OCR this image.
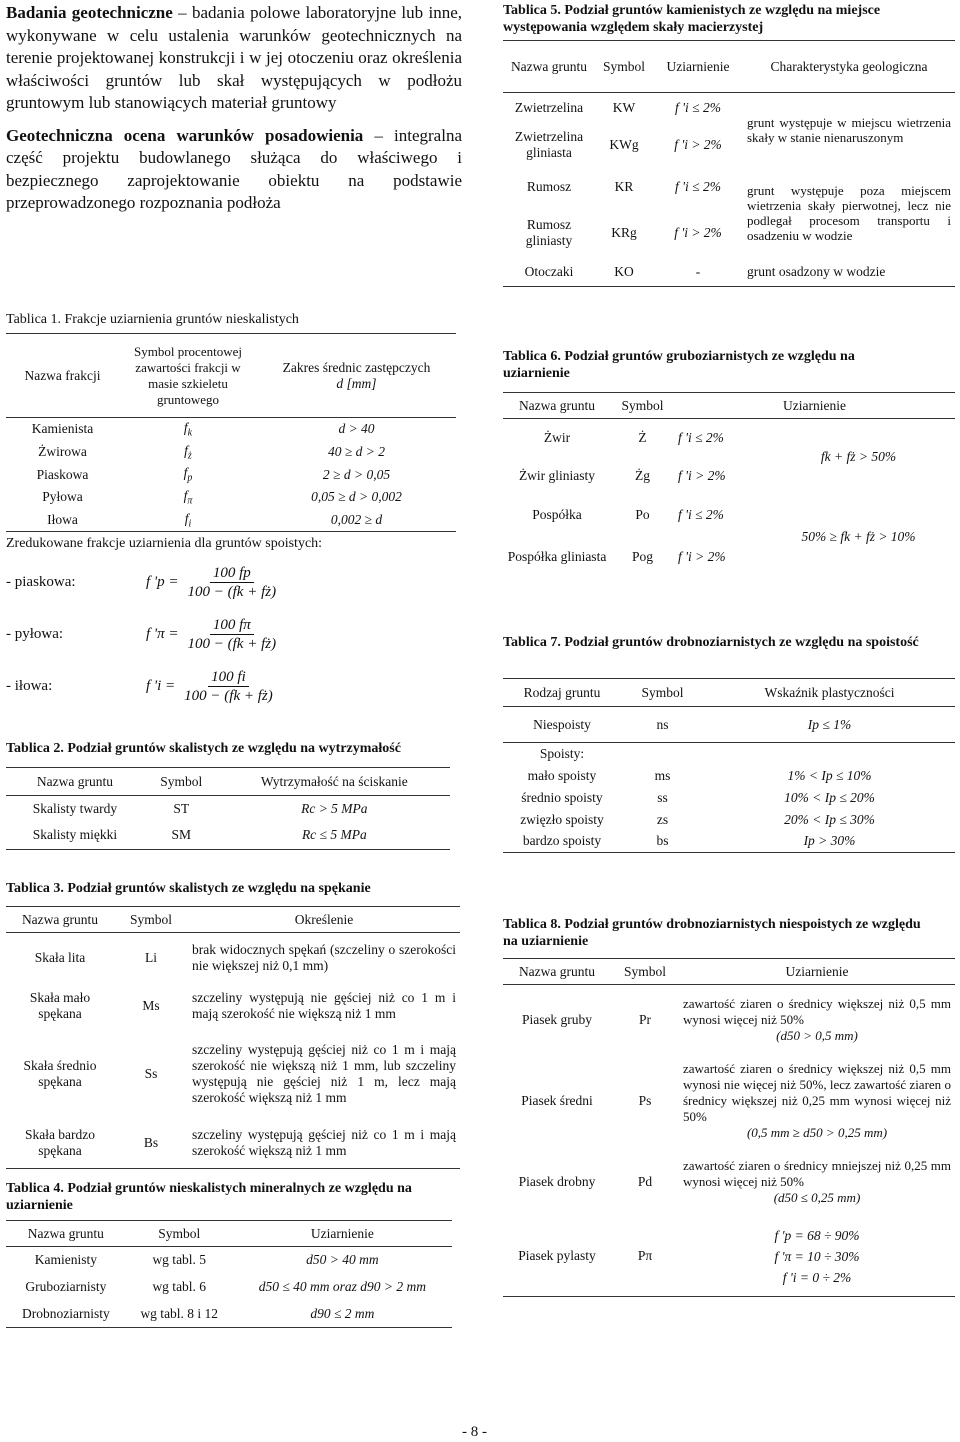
Badania geotechniczne – badania polowe laboratoryjne lub inne, wykonywane w celu ustalenia warunków geotechnicznych na terenie projektowanej konstrukcji i w jej otoczeniu oraz określenia właściwości gruntów lub skał występujących w podłożu gruntowym lub stanowiących materiał gruntowy

Geotechniczna ocena warunków posadowienia – integralna część projektu budowlanego służąca do właściwego i bezpiecznego zaprojektowanie obiektu na podstawie przeprowadzonego rozpoznania podłoża

Tablica 1. Frakcje uziarnienia gruntów nieskalistych
Nazwa frakcji	Symbol procentowej zawartości frakcji w masie szkieletu gruntowego	Zakres średnic zastępczych
d [mm]

Kamienista	$f_k$	d > 40
Żwirowa	$f_ż$	40 ≥ d > 2
Piaskowa	$f_p$	2 ≥ d > 0,05
Pyłowa	$f_\pi$	0,05 ≥ d > 0,002
Iłowa	$f_i$	0,002 ≥ d
Zredukowane frakcje uziarnienia dla gruntów spoistych:
- piaskowa:	f '$p = \frac{100 fp}{100 - (fk + fż)}$
- pyłowa:	f '$\pi = \frac{100 f\pi}{100 - (fk + fż)}$
- iłowa:	f '$i = \frac{100 fi}{100 - (fk + fż)}$
Tablica 2. Podział gruntów skalistych ze względu na wytrzymałość
Nazwa gruntu	Symbol	Wytrzymałość na ściskanie
Skalisty twardy	ST	Rc > 5 MPa
Skalisty miękki	SM	Rc ≤ 5 MPa
Tablica 3. Podział gruntów skalistych ze względu na spękanie
Nazwa gruntu	Symbol	Określenie
Skała lita	Li	brak widocznych spękań (szczeliny o szerokości nie większej niż 0,1 mm)
Skała mało spękana	Ms	szczeliny występują nie gęściej niż co 1 m i mają szerokość nie większą niż 1 mm
Skała średnio spękana	Ss	szczeliny występują gęściej niż co 1 m i mają szerokość nie większą niż 1 mm, lub szczeliny występują nie gęściej niż 1 m, lecz mają szerokość większą niż 1 mm
Skała bardzo spękana	Bs	szczeliny występują gęściej niż co 1 m i mają szerokość większą niż 1 mm
Tablica 4. Podział gruntów nieskalistych mineralnych ze względu na uziarnienie
Nazwa gruntu	Symbol	Uziarnienie
Kamienisty	wg tabl. 5	d50 > 40 mm
Gruboziarnisty	wg tabl. 6	d50 ≤ 40 mm oraz d90 > 2 mm
Drobnoziarnisty	wg tabl. 8 i 12	d90 ≤ 2 mm
Tablica 5. Podział gruntów kamienistych ze względu na miejsce występowania względem skały macierzystej
Nazwa gruntu	Symbol	Uziarnienie	Charakterystyka geologiczna
Zwietrzelina	KW	f 'i ≤ 2%	grunt występuje w miejscu wietrzenia skały w stanie nienaruszonym
Zwietrzelina gliniasta	KWg	f 'i > 2%	
Rumosz	KR	f 'i ≤ 2%	grunt występuje poza miejscem wietrzenia skały pierwotnej, lecz nie podlegał procesom transportu i osadzeniu w wodzie
Rumosz gliniasty	KRg	f 'i > 2%	
Otoczaki	KO	-	grunt osadzony w wodzie
Tablica 6. Podział gruntów gruboziarnistych ze względu na uziarnienie
Nazwa gruntu	Symbol	Uziarnienie	
Żwir	Ż	f 'i ≤ 2%	fk + fż > 50%
Żwir gliniasty	Żg	f 'i > 2%	
Pospółka	Po	f 'i ≤ 2%	50% ≥ fk + fż > 10%
Pospółka gliniasta	Pog	f 'i > 2%	
Tablica 7. Podział gruntów drobnoziarnistych ze względu na spoistość
Rodzaj gruntu	Symbol	Wskaźnik plastyczności
Niespoisty	ns	Ip ≤ 1%
Spoisty:		
mało spoisty	ms	1% < Ip ≤ 10%
średnio spoisty	ss	10% < Ip ≤ 20%
zwięzło spoisty	zs	20% < Ip ≤ 30%
bardzo spoisty	bs	Ip > 30%
Tablica 8. Podział gruntów drobnoziarnistych niespoistych ze względu na uziarnienie
Nazwa gruntu	Symbol	Uziarnienie
Piasek gruby	Pr	zawartość ziaren o średnicy większej niż 0,5 mm wynosi więcej niż 50%
(d50 > 0,5 mm)

Piasek średni	Ps	zawartość ziaren o średnicy większej niż 0,5 mm wynosi nie więcej niż 50%, lecz zawartość ziaren o średnicy większej niż 0,25 mm wynosi więcej niż 50%
(0,5 mm ≥ d50 > 0,25 mm)

Piasek drobny	Pd	zawartość ziaren o średnicy mniejszej niż 0,25 mm wynosi więcej niż 50%
(d50 ≤ 0,25 mm)

Piasek pylasty	Pπ	f 'p = 68 ÷ 90%
f 'π = 10 ÷ 30%
f 'i = 0 ÷ 2%
- 8 -
